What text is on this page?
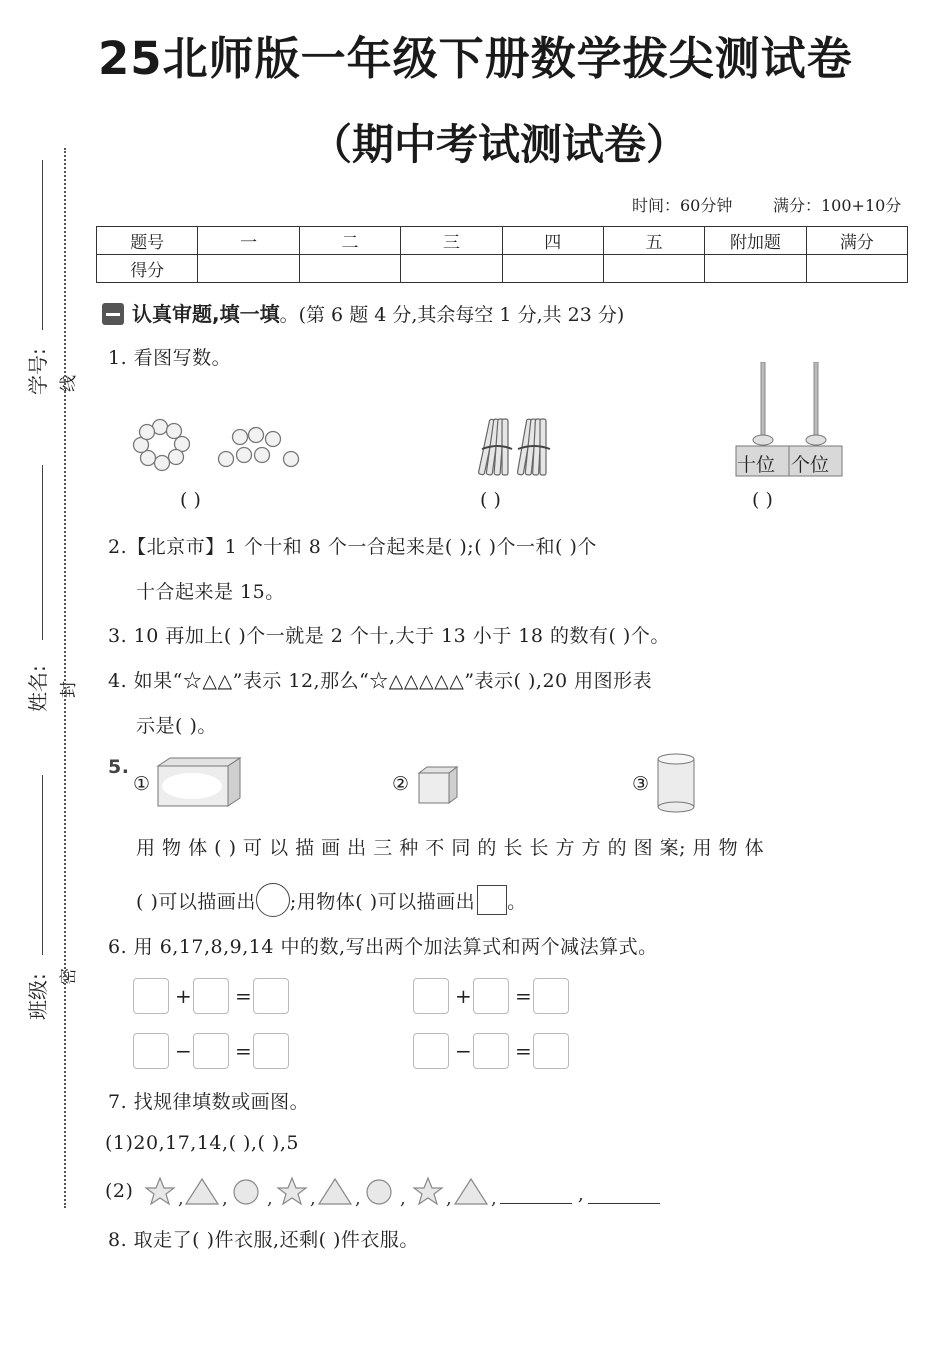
学号: 线
姓名: 封
班级: 密
25北师版一年级下册数学拔尖测试卷
（期中考试测试卷）
时间：60分钟	满分：100+10分
题号	一	二	三	四	五	附加题	满分
得分							
认真审题,填一填。(第 6 题 4 分,其余每空 1 分,共 23 分)
1. 看图写数。
( )	( )
十位 个位
( )
2.【北京市】1 个十和 8 个一合起来是( );( )个一和( )个
十合起来是 15。
3. 10 再加上( )个一就是 2 个十,大于 13 小于 18 的数有( )个。
4. 如果“☆△△”表示 12,那么“☆△△△△△”表示( ),20 用图形表
示是( )。
5.
①	②	③
用 物 体 ( ) 可 以 描 画 出 三 种 不 同 的 长 长 方 方 的 图 案; 用 物 体
( )可以描画出 ;用物体( )可以描画出 。
6. 用 6,17,8,9,14 中的数,写出两个加法算式和两个减法算式。
+ =	+ =
− =	− =
7. 找规律填数或画图。
(1)20,17,14,( ),( ),5
(2) , , , , , , , ,	,
8. 取走了( )件衣服,还剩( )件衣服。
